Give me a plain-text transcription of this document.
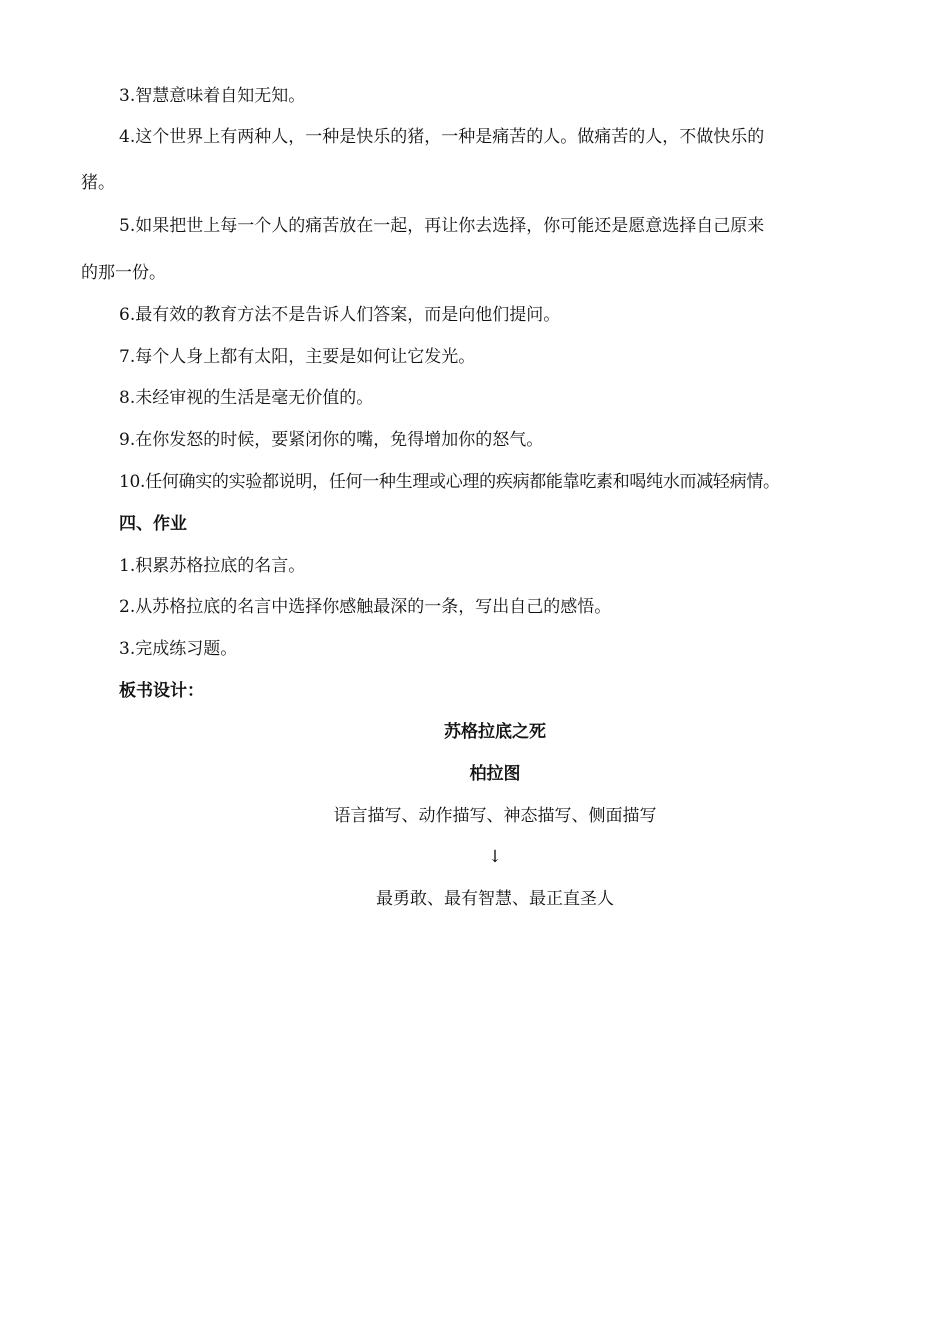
3.智慧意味着自知无知。
4.这个世界上有两种人，一种是快乐的猪，一种是痛苦的人。做痛苦的人，不做快乐的
猪。
5.如果把世上每一个人的痛苦放在一起，再让你去选择，你可能还是愿意选择自己原来
的那一份。
6.最有效的教育方法不是告诉人们答案，而是向他们提问。
7.每个人身上都有太阳，主要是如何让它发光。
8.未经审视的生活是毫无价值的。
9.在你发怒的时候，要紧闭你的嘴，免得增加你的怒气。
10.任何确实的实验都说明，任何一种生理或心理的疾病都能靠吃素和喝纯水而减轻病情。
四、作业
1.积累苏格拉底的名言。
2.从苏格拉底的名言中选择你感触最深的一条，写出自己的感悟。
3.完成练习题。
板书设计：
苏格拉底之死
柏拉图
语言描写、动作描写、神态描写、侧面描写
↓
最勇敢、最有智慧、最正直圣人
